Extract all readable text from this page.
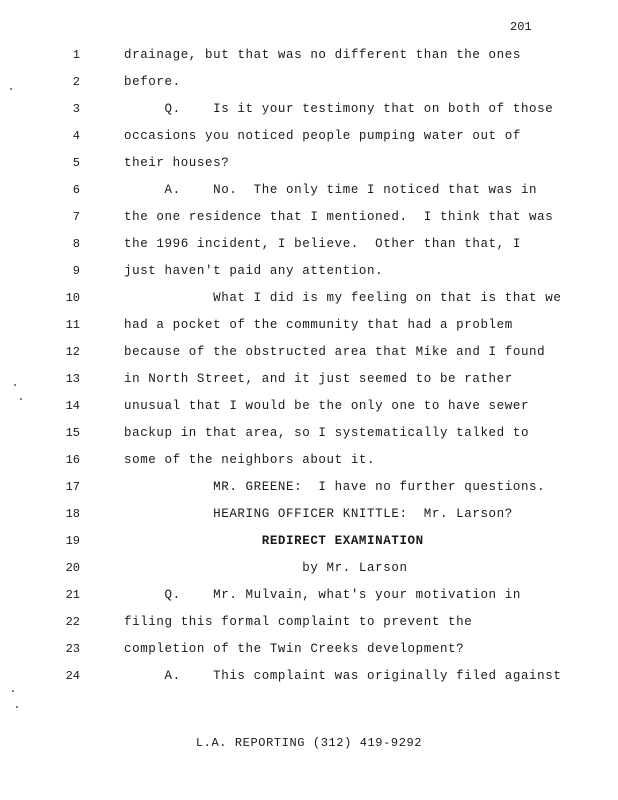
201
1
2
3
4
5
6
7
8
9
10
11
12
13
14
15
16
17
18
19
20
21
22
23
24
drainage, but that was no different than the ones
before.
Q.    Is it your testimony that on both of those
occasions you noticed people pumping water out of
their houses?
A.    No.  The only time I noticed that was in
the one residence that I mentioned.  I think that was
the 1996 incident, I believe.  Other than that, I
just haven't paid any attention.
What I did is my feeling on that is that we
had a pocket of the community that had a problem
because of the obstructed area that Mike and I found
in North Street, and it just seemed to be rather
unusual that I would be the only one to have sewer
backup in that area, so I systematically talked to
some of the neighbors about it.
MR. GREENE:  I have no further questions.
HEARING OFFICER KNITTLE:  Mr. Larson?
REDIRECT EXAMINATION
by Mr. Larson
Q.    Mr. Mulvain, what's your motivation in
filing this formal complaint to prevent the
completion of the Twin Creeks development?
A.    This complaint was originally filed against
L.A. REPORTING (312) 419-9292
